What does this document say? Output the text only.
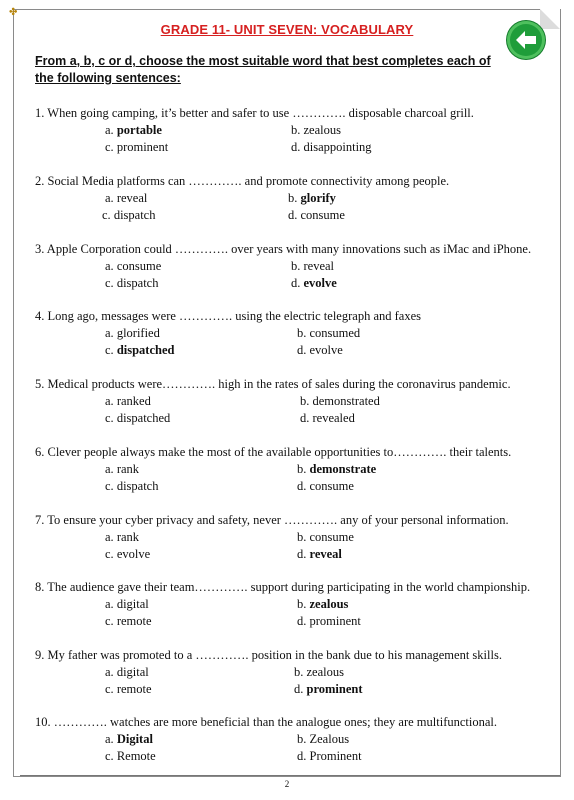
✤
GRADE 11- UNIT SEVEN: VOCABULARY
From a, b, c or d, choose the most suitable word that best completes each of the following sentences:
1. When going camping, it’s better and safer to use …………. disposable charcoal grill.
a. portable	b. zealous
c. prominent	d. disappointing
2. Social Media platforms can …………. and promote connectivity among people.
a. reveal	b. glorify
c. dispatch	d. consume
3. Apple Corporation could …………. over years with many innovations such as iMac and iPhone.
a. consume	b. reveal
c. dispatch	d. evolve
4. Long ago, messages were …………. using the electric telegraph and faxes
a. glorified	b. consumed
c. dispatched	d. evolve
5. Medical products were…………. high in the rates of sales during the coronavirus pandemic.
a. ranked	b. demonstrated
c. dispatched	d. revealed
6. Clever people always make the most of the available opportunities to…………. their talents.
a. rank	b. demonstrate
c. dispatch	d. consume
7. To ensure your cyber privacy and safety, never …………. any of your personal information.
a. rank	b. consume
c. evolve	d. reveal
8. The audience gave their team…………. support during participating in the world championship.
a. digital	b. zealous
c. remote	d. prominent
9. My father was promoted to a …………. position in the bank due to his management skills.
a. digital	b. zealous
c. remote	d. prominent
10. …………. watches are more beneficial than the analogue ones; they are multifunctional.
a. Digital	b. Zealous
c. Remote	d. Prominent
2
